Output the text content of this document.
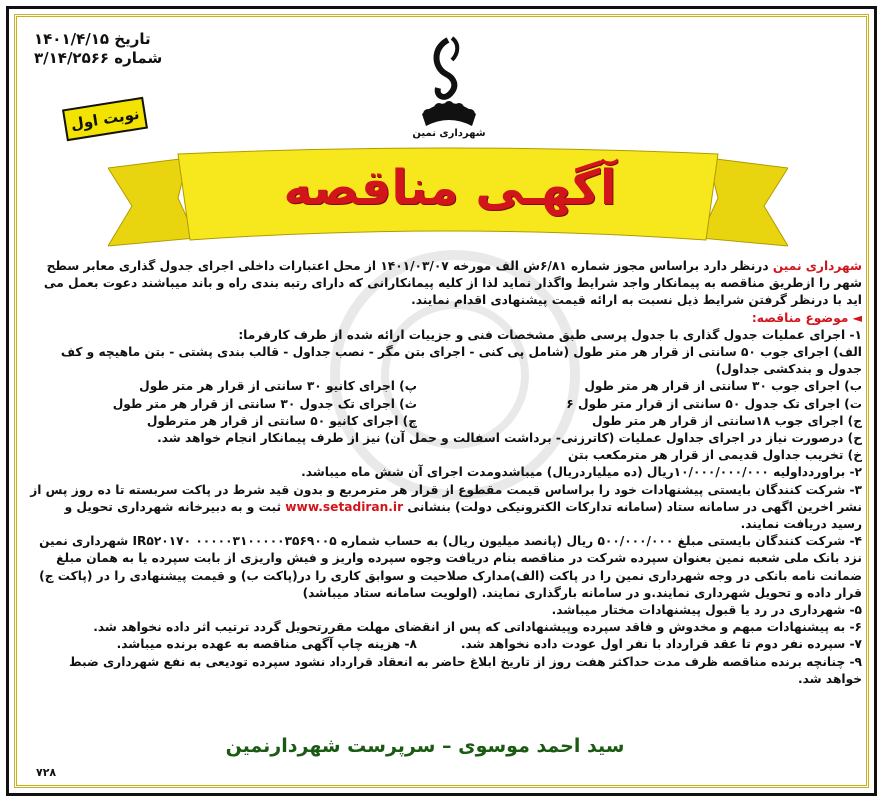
تاریخ ۱۴۰۱/۴/۱۵
شماره ۳/۱۴/۲۵۶۶
نوبت اول
شهرداری نمین
آگهـی مناقصه

شهرداری نمین درنظر دارد براساس مجوز شماره ۶/۸۱ش الف مورخه ۱۴۰۱/۰۳/۰۷ از محل اعتبارات داخلی اجرای جدول گذاری معابر سطح شهر را ازطریق مناقصه به پیمانکار واجد شرایط واگذار نماید لذا از کلیه پیمانکارانی که دارای رتبه بندی راه و باند میباشند دعوت بعمل می اید با درنظر گرفتن شرایط ذیل نسبت به ارائه قیمت پیشنهادی اقدام نمایند.

◄ موضوع مناقصه:

۱- اجرای عملیات جدول گذاری با جدول پرسی طبق مشخصات فنی و جزییات ارائه شده از طرف کارفرما:

الف) اجرای جوب ۵۰ سانتی از قرار هر متر طول (شامل پی کنی - اجرای بتن مگر - نصب جداول - قالب بندی پشتی - بتن ماهیچه و کف جدول و بندکشی جداول)

ب) اجرای جوب ۳۰ سانتی از قرار هر متر طول
پ) اجرای کانیو ۳۰ سانتی از قرار هر متر طول
ت) اجرای تک جدول ۵۰ سانتی از قرار متر طول ۶
ث) اجرای تک جدول ۳۰ سانتی از قرار هر متر طول
ج) اجرای جوب ۱۸سانتی از قرار هر متر طول
چ) اجرای کانیو ۵۰ سانتی از قرار هر مترطول

ح) درصورت نیاز در اجرای جداول عملیات (کاترزنی- برداشت اسفالت و حمل آن) نیز از طرف پیمانکار انجام خواهد شد.

خ) تخریب جداول قدیمی از قرار هر مترمکعب بتن

۲- براوردداولیه ۱۰/۰۰۰/۰۰۰/۰۰۰ریال (ده میلیاردریال) میباشدومدت اجرای آن شش ماه میباشد.

۳- شرکت کنندگان بایستی پیشنهادات خود را براساس قیمت مقطوع از قرار هر مترمربع و بدون قید شرط در پاکت سربسته تا ده روز پس از نشر اخرین اگهی در سامانه ستاد (سامانه تدارکات الکترونیکی دولت) بنشانی www.setadiran.ir ثبت و به دبیرخانه شهرداری تحویل و رسید دریافت نمایند.

۴- شرکت کنندگان بایستی مبلغ ۵۰۰/۰۰۰/۰۰۰ ریال (پانصد میلیون ریال) به حساب شماره ۰۰۰۰۰۳۱۰۰۰۰۰۳۵۶۹۰۰۵ IR۵۲۰۱۷۰ شهرداری نمین نزد بانک ملی شعبه نمین بعنوان سپرده شرکت در مناقصه بنام دریافت وجوه سپرده واریز و فیش واریزی از بابت سپرده یا به همان مبلغ ضمانت نامه بانکی در وجه شهرداری نمین را در پاکت (الف)مدارک صلاحیت و سوابق کاری را در(پاکت ب) و قیمت پیشنهادی را در (پاکت ج) قرار داده و تحویل شهرداری نمایند.و در سامانه بارگذاری نمایند. (اولویت سامانه ستاد میباشد)

۵- شهرداری در رد یا قبول پیشنهادات مختار میباشد.

۶- به پیشنهادات مبهم و مخدوش و فاقد سپرده وپیشنهاداتی که پس از انقضای مهلت مقررتحویل گردد ترتیب اثر داده نخواهد شد.

۷- سپرده نفر دوم تا عقد قرارداد با نفر اول عودت داده نخواهد شد.
۸- هزینه چاپ آگهی مناقصه به عهده برنده میباشد.

۹- چنانچه برنده مناقصه ظرف مدت حداکثر هفت روز از تاریخ ابلاغ حاضر به انعقاد قرارداد نشود سپرده تودیعی به نفع شهرداری ضبط خواهد شد.

سید احمد موسوی – سرپرست شهردارنمین
۷۲۸
